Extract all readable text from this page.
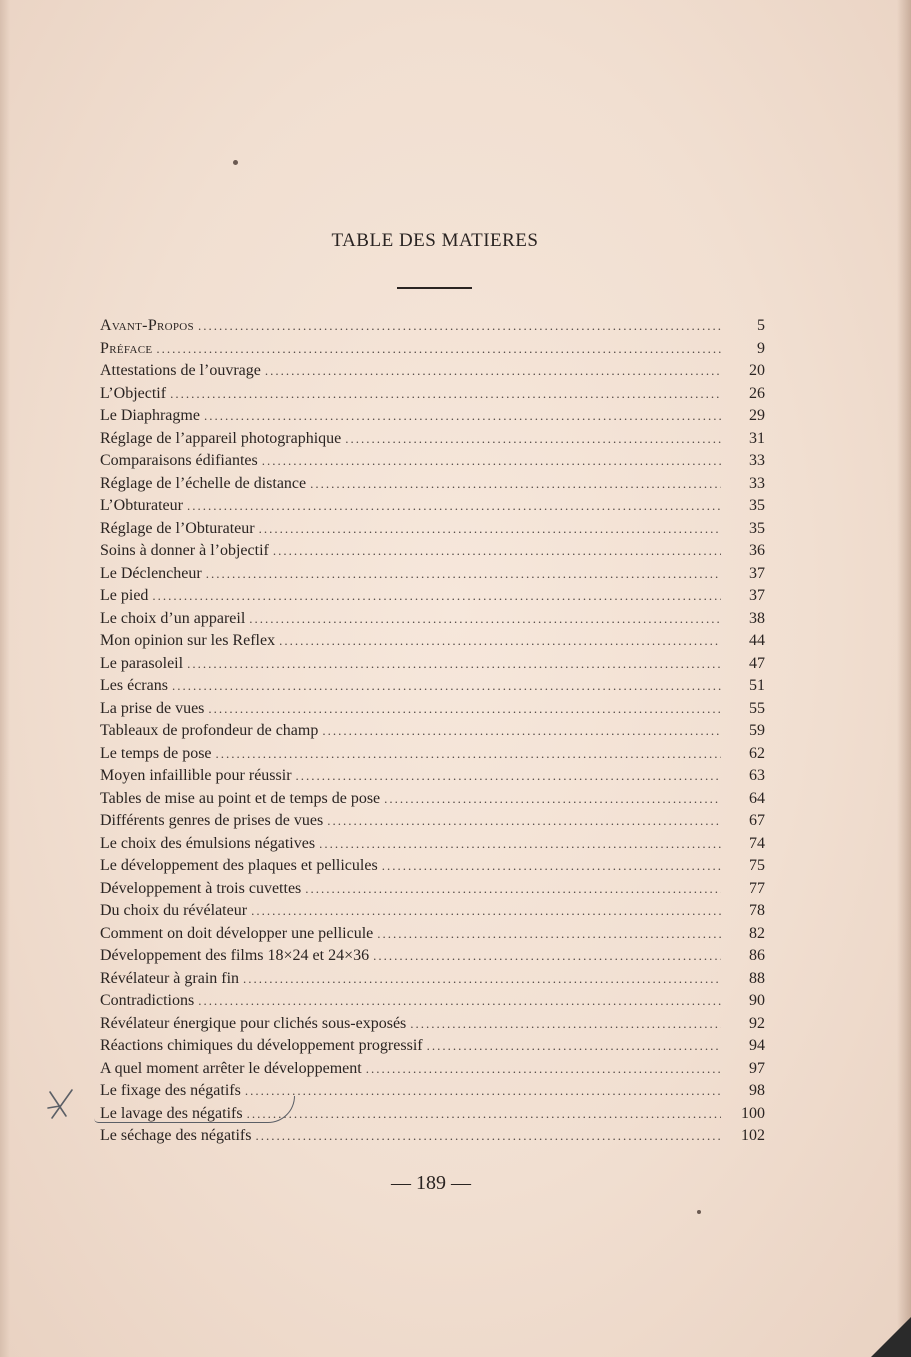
TABLE DES MATIERES
Avant-Propos .....	5
Préface .....	9
Attestations de l’ouvrage .....	20
L’Objectif .....	26
Le Diaphragme .....	29
Réglage de l’appareil photographique .....	31
Comparaisons édifiantes .....	33
Réglage de l’échelle de distance .....	33
L’Obturateur .....	35
Réglage de l’Obturateur .....	35
Soins à donner à l’objectif .....	36
Le Déclencheur .....	37
Le pied .....	37
Le choix d’un appareil .....	38
Mon opinion sur les Reflex .....	44
Le parasoleil .....	47
Les écrans .....	51
La prise de vues .....	55
Tableaux de profondeur de champ .....	59
Le temps de pose .....	62
Moyen infaillible pour réussir .....	63
Tables de mise au point et de temps de pose .....	64
Différents genres de prises de vues .....	67
Le choix des émulsions négatives .....	74
Le développement des plaques et pellicules .....	75
Développement à trois cuvettes .....	77
Du choix du révélateur .....	78
Comment on doit développer une pellicule .....	82
Développement des films 18×24 et 24×36 .....	86
Révélateur à grain fin .....	88
Contradictions .....	90
Révélateur énergique pour clichés sous-exposés .....	92
Réactions chimiques du développement progressif .....	94
A quel moment arrêter le développement .....	97
Le fixage des négatifs .....	98
Le lavage des négatifs .....	100
Le séchage des négatifs .....	102
— 189 —
